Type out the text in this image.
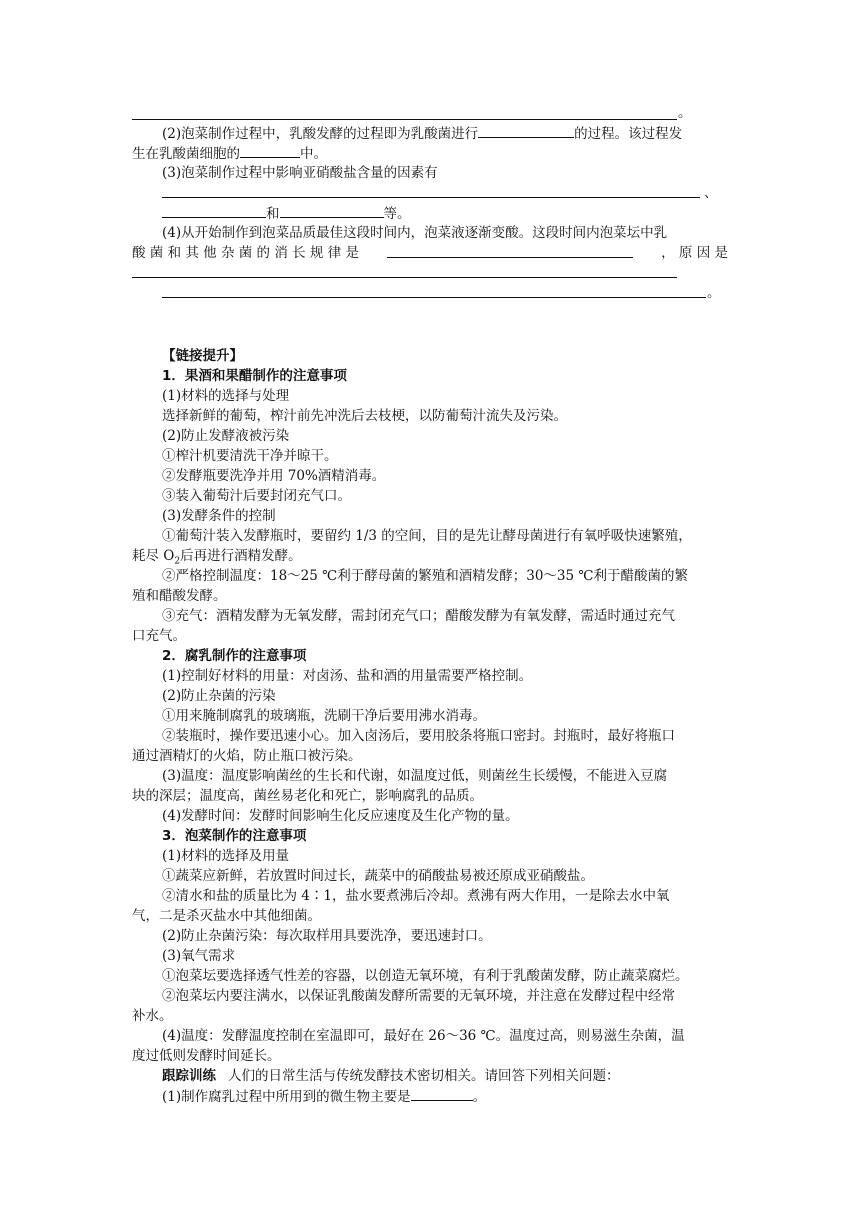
。
(2)泡菜制作过程中，乳酸发酵的过程即为乳酸菌进行	的过程。该过程发
生在乳酸菌细胞的	中。
(3)泡菜制作过程中影响亚硝酸盐含量的因素有
、
和	等。
(4)从开始制作到泡菜品质最佳这段时间内，泡菜液逐渐变酸。这段时间内泡菜坛中乳
酸 菌 和 其 他 杂 菌 的 消 长 规 律 是	， 原 因 是
。
【链接提升】
1．果酒和果醋制作的注意事项
(1)材料的选择与处理
选择新鲜的葡萄，榨汁前先冲洗后去枝梗，以防葡萄汁流失及污染。
(2)防止发酵液被污染
①榨汁机要清洗干净并晾干。
②发酵瓶要洗净并用 70%酒精消毒。
③装入葡萄汁后要封闭充气口。
(3)发酵条件的控制
①葡萄汁装入发酵瓶时，要留约 1/3 的空间，目的是先让酵母菌进行有氧呼吸快速繁殖，
耗尽 $O_2$后再进行酒精发酵。
②严格控制温度：18～25 ℃利于酵母菌的繁殖和酒精发酵；30～35 ℃利于醋酸菌的繁
殖和醋酸发酵。
③充气：酒精发酵为无氧发酵，需封闭充气口；醋酸发酵为有氧发酵，需适时通过充气
口充气。
2．腐乳制作的注意事项
(1)控制好材料的用量：对卤汤、盐和酒的用量需要严格控制。
(2)防止杂菌的污染
①用来腌制腐乳的玻璃瓶，洗刷干净后要用沸水消毒。
②装瓶时，操作要迅速小心。加入卤汤后，要用胶条将瓶口密封。封瓶时，最好将瓶口
通过酒精灯的火焰，防止瓶口被污染。
(3)温度：温度影响菌丝的生长和代谢，如温度过低，则菌丝生长缓慢，不能进入豆腐
块的深层；温度高，菌丝易老化和死亡，影响腐乳的品质。
(4)发酵时间：发酵时间影响生化反应速度及生化产物的量。
3．泡菜制作的注意事项
(1)材料的选择及用量
①蔬菜应新鲜，若放置时间过长，蔬菜中的硝酸盐易被还原成亚硝酸盐。
②清水和盐的质量比为 4∶1，盐水要煮沸后冷却。煮沸有两大作用，一是除去水中氧
气，二是杀灭盐水中其他细菌。
(2)防止杂菌污染：每次取样用具要洗净，要迅速封口。
(3)氧气需求
①泡菜坛要选择透气性差的容器，以创造无氧环境，有利于乳酸菌发酵，防止蔬菜腐烂。
②泡菜坛内要注满水，以保证乳酸菌发酵所需要的无氧环境，并注意在发酵过程中经常
补水。
(4)温度：发酵温度控制在室温即可，最好在 26～36 ℃。温度过高，则易滋生杂菌，温
度过低则发酵时间延长。
跟踪训练 人们的日常生活与传统发酵技术密切相关。请回答下列相关问题：
(1)制作腐乳过程中所用到的微生物主要是	。
